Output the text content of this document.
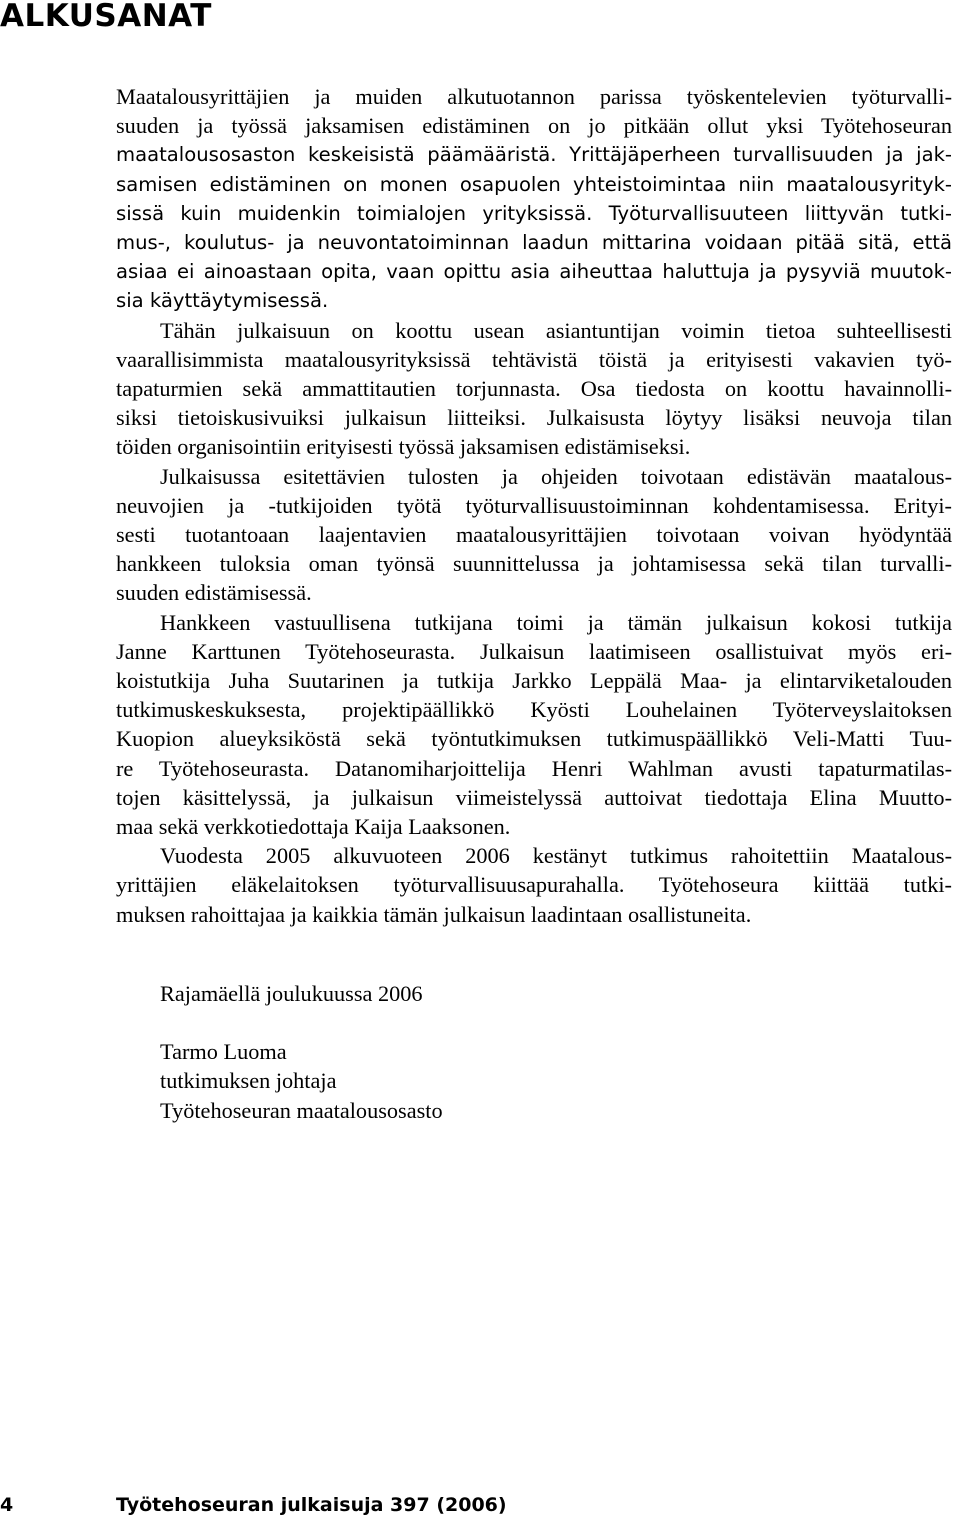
ALKUSANAT
Maatalousyrittäjien ja muiden alkutuotannon parissa työskentelevien työturvalli-
suuden ja työssä jaksamisen edistäminen on jo pitkään ollut yksi Työtehoseuran
maatalousosaston keskeisistä päämääristä. Yrittäjäperheen turvallisuuden ja jak-
samisen edistäminen on monen osapuolen yhteistoimintaa niin maatalousyrityk-
sissä kuin muidenkin toimialojen yrityksissä. Työturvallisuuteen liittyvän tutki-
mus-, koulutus- ja neuvontatoiminnan laadun mittarina voidaan pitää sitä, että
asiaa ei ainoastaan opita, vaan opittu asia aiheuttaa haluttuja ja pysyviä muutok-
sia käyttäytymisessä.
Tähän julkaisuun on koottu usean asiantuntijan voimin tietoa suhteellisesti
vaarallisimmista maatalousyrityksissä tehtävistä töistä ja erityisesti vakavien työ-
tapaturmien sekä ammattitautien torjunnasta. Osa tiedosta on koottu havainnolli-
siksi tietoiskusivuiksi julkaisun liitteiksi. Julkaisusta löytyy lisäksi neuvoja tilan
töiden organisointiin erityisesti työssä jaksamisen edistämiseksi.
Julkaisussa esitettävien tulosten ja ohjeiden toivotaan edistävän maatalous-
neuvojien ja -tutkijoiden työtä työturvallisuustoiminnan kohdentamisessa. Erityi-
sesti tuotantoaan laajentavien maatalousyrittäjien toivotaan voivan hyödyntää
hankkeen tuloksia oman työnsä suunnittelussa ja johtamisessa sekä tilan turvalli-
suuden edistämisessä.
Hankkeen vastuullisena tutkijana toimi ja tämän julkaisun kokosi tutkija
Janne Karttunen Työtehoseurasta. Julkaisun laatimiseen osallistuivat myös eri-
koistutkija Juha Suutarinen ja tutkija Jarkko Leppälä Maa- ja elintarviketalouden
tutkimuskeskuksesta, projektipäällikkö Kyösti Louhelainen Työterveyslaitoksen
Kuopion alueyksiköstä sekä työntutkimuksen tutkimuspäällikkö Veli-Matti Tuu-
re Työtehoseurasta. Datanomiharjoittelija Henri Wahlman avusti tapaturmatilas-
tojen käsittelyssä, ja julkaisun viimeistelyssä auttoivat tiedottaja Elina Muutto-
maa sekä verkkotiedottaja Kaija Laaksonen.
Vuodesta 2005 alkuvuoteen 2006 kestänyt tutkimus rahoitettiin Maatalous-
yrittäjien eläkelaitoksen työturvallisuusapurahalla. Työtehoseura kiittää tutki-
muksen rahoittajaa ja kaikkia tämän julkaisun laadintaan osallistuneita.
Rajamäellä joulukuussa 2006
Tarmo Luoma
tutkimuksen johtaja
Työtehoseuran maatalousosasto
4	Työtehoseuran julkaisuja 397 (2006)
